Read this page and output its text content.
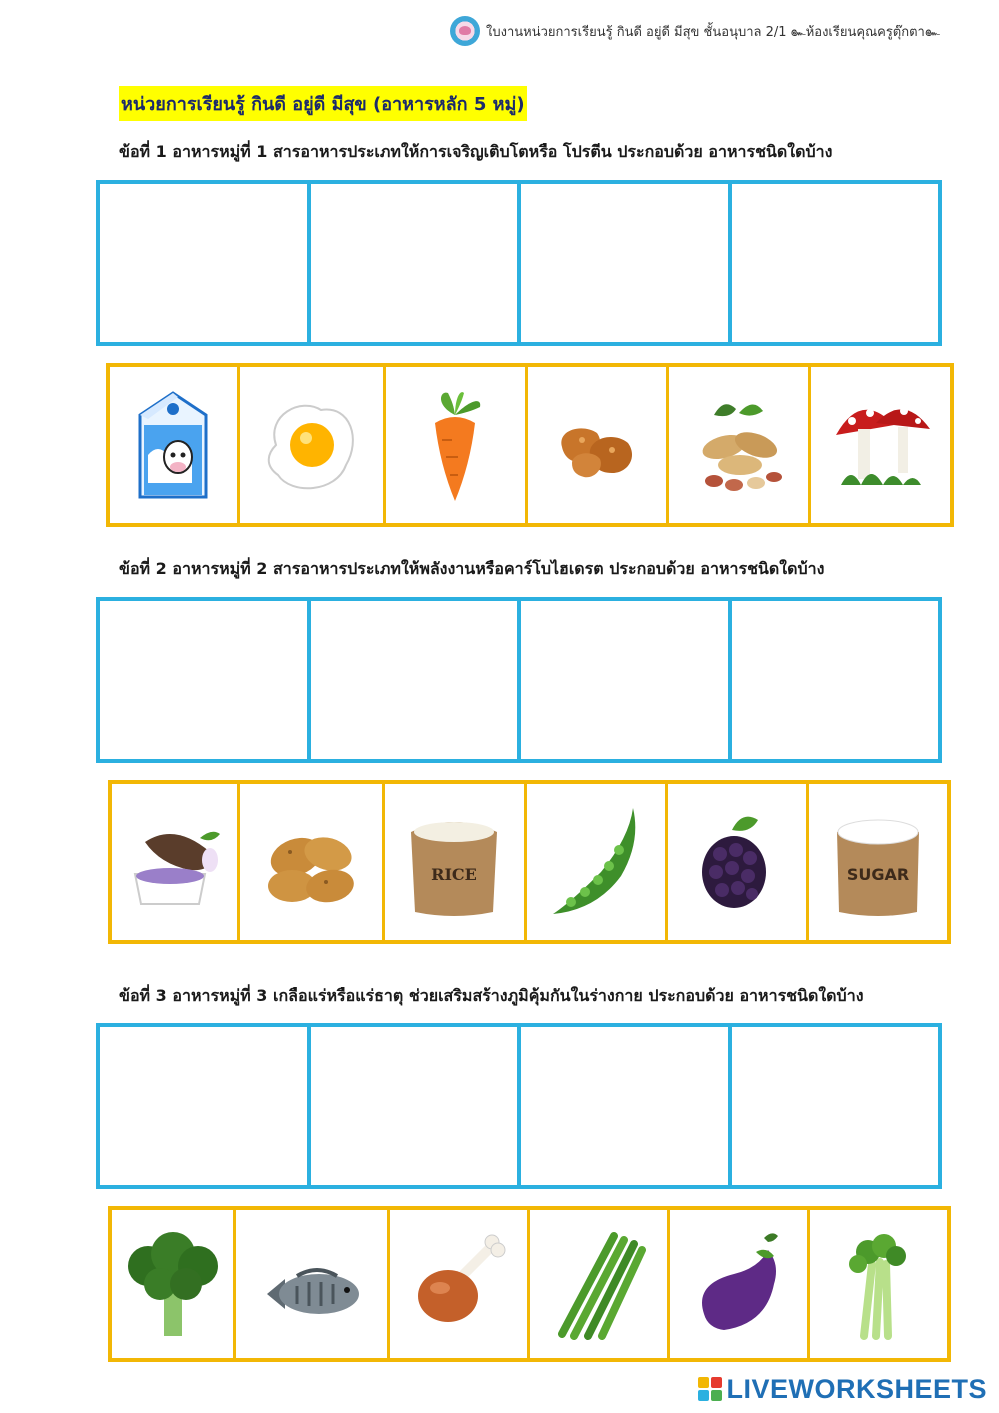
ใบงานหน่วยการเรียนรู้ กินดี อยู่ดี มีสุข ชั้นอนุบาล 2/1 ๛ห้องเรียนคุณครูตุ๊กตา๛
หน่วยการเรียนรู้ กินดี อยู่ดี มีสุข (อาหารหลัก 5 หมู่)
ข้อที่ 1 อาหารหมู่ที่ 1 สารอาหารประเภทให้การเจริญเติบโตหรือ โปรตีน ประกอบด้วย อาหารชนิดใดบ้าง
ข้อที่ 2 อาหารหมู่ที่ 2 สารอาหารประเภทให้พลังงานหรือคาร์โบไฮเดรต ประกอบด้วย อาหารชนิดใดบ้าง
RICE	SUGAR
ข้อที่ 3 อาหารหมู่ที่ 3 เกลือแร่หรือแร่ธาตุ ช่วยเสริมสร้างภูมิคุ้มกันในร่างกาย ประกอบด้วย อาหารชนิดใดบ้าง
LIVEWORKSHEETS
